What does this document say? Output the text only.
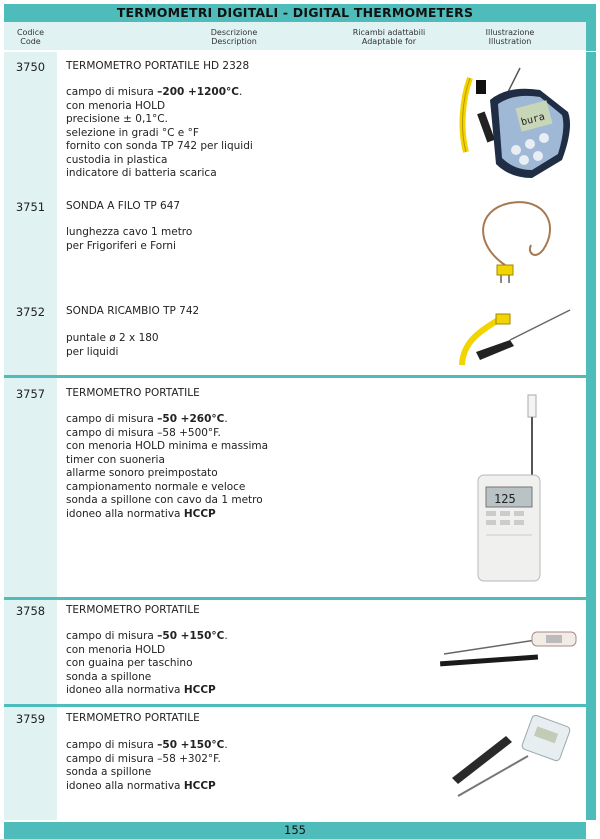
TERMOMETRI DIGITALI - DIGITAL THERMOMETERS
Codice
Code
Descrizione
Description
Ricambi adattabili
Adaptable for
Illustrazione
Illustration
3750	TERMOMETRO PORTATILE HD 2328
campo di misura –200 +1200°C.
con menoria HOLD
precisione ± 0,1°C.
selezione in gradi °C e °F
fornito con sonda TP 742 per liquidi
custodia in plastica
indicatore di batteria scarica
bura
3751	SONDA A FILO TP 647
lunghezza cavo 1 metro
per Frigoriferi e Forni
3752	SONDA RICAMBIO TP 742
puntale ø 2 x 180
per liquidi
3757	TERMOMETRO PORTATILE
campo di misura –50 +260°C.
campo di misura –58 +500°F.
con menoria HOLD minima e massima
timer con suoneria
allarme sonoro preimpostato
campionamento normale e veloce
sonda a spillone con cavo da 1 metro
idoneo alla normativa HCCP
125
3758	TERMOMETRO PORTATILE
campo di misura –50 +150°C.
con menoria HOLD
con guaina per taschino
sonda a spillone
idoneo alla normativa HCCP
3759	TERMOMETRO PORTATILE
campo di misura –50 +150°C.
campo di misura –58 +302°F.
sonda a spillone
idoneo alla normativa HCCP
155
